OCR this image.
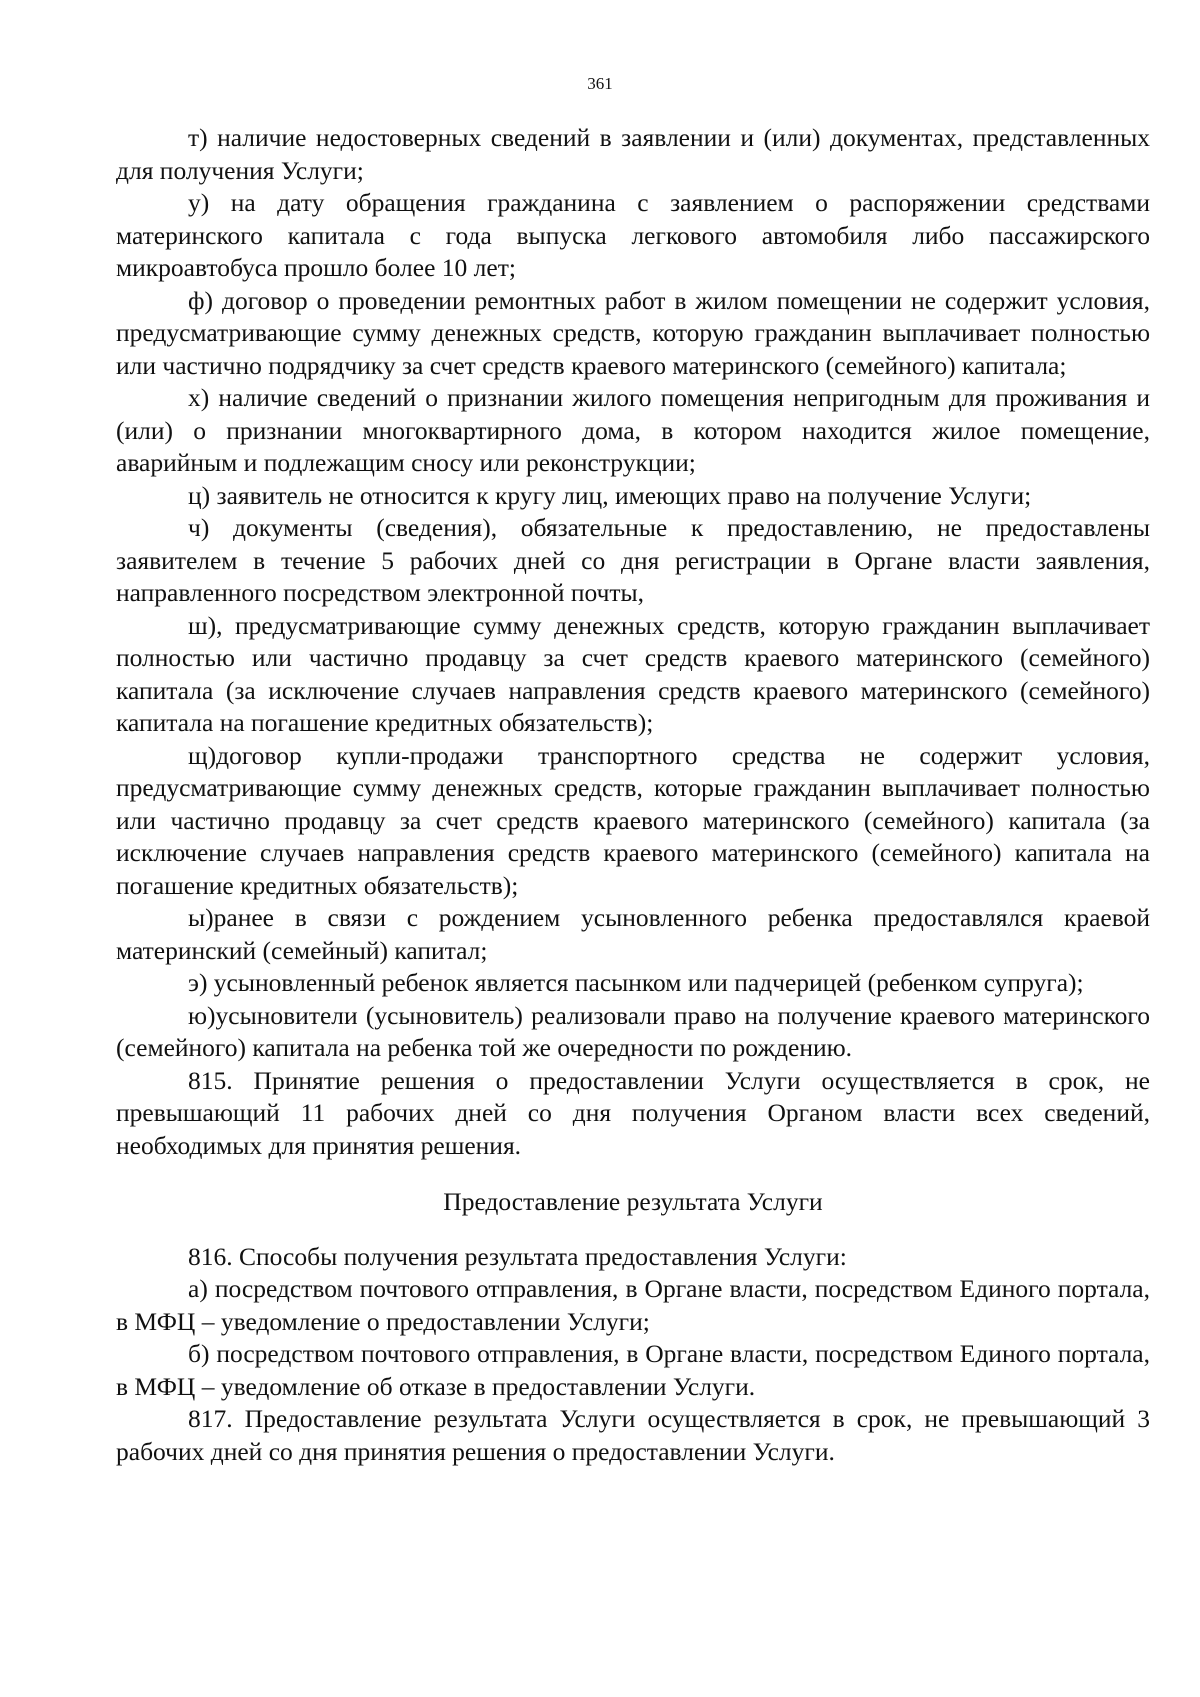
361

т) наличие недостоверных сведений в заявлении и (или) документах, представленных для получения Услуги;

у) на дату обращения гражданина с заявлением о распоряжении средствами материнского капитала с года выпуска легкового автомобиля либо пассажирского микроавтобуса прошло более 10 лет;

ф) договор о проведении ремонтных работ в жилом помещении не содержит условия, предусматривающие сумму денежных средств, которую гражданин выплачивает полностью или частично подрядчику за счет средств краевого материнского (семейного) капитала;

х) наличие сведений о признании жилого помещения непригодным для проживания и (или) о признании многоквартирного дома, в котором находится жилое помещение, аварийным и подлежащим сносу или реконструкции;

ц) заявитель не относится к кругу лиц, имеющих право на получение Услуги;

ч) документы (сведения), обязательные к предоставлению, не предоставлены заявителем в течение 5 рабочих дней со дня регистрации в Органе власти заявления, направленного посредством электронной почты,

ш), предусматривающие сумму денежных средств, которую гражданин выплачивает полностью или частично продавцу за счет средств краевого материнского (семейного) капитала (за исключение случаев направления средств краевого материнского (семейного) капитала на погашение кредитных обязательств);

щ)договор купли-продажи транспортного средства не содержит условия, предусматривающие сумму денежных средств, которые гражданин выплачивает полностью или частично продавцу за счет средств краевого материнского (семейного) капитала (за исключение случаев направления средств краевого материнского (семейного) капитала на погашение кредитных обязательств);

ы)ранее в связи с рождением усыновленного ребенка предоставлялся краевой материнский (семейный) капитал;

э) усыновленный ребенок является пасынком или падчерицей (ребенком супруга);

ю)усыновители (усыновитель) реализовали право на получение краевого материнского (семейного) капитала на ребенка той же очередности по рождению.

815. Принятие решения о предоставлении Услуги осуществляется в срок, не превышающий 11 рабочих дней со дня получения Органом власти всех сведений, необходимых для принятия решения.

Предоставление результата Услуги

816. Способы получения результата предоставления Услуги:

а) посредством почтового отправления, в Органе власти, посредством Единого портала, в МФЦ – уведомление о предоставлении Услуги;

б) посредством почтового отправления, в Органе власти, посредством Единого портала, в МФЦ – уведомление об отказе в предоставлении Услуги.

817. Предоставление результата Услуги осуществляется в срок, не превышающий 3 рабочих дней со дня принятия решения о предоставлении Услуги.
